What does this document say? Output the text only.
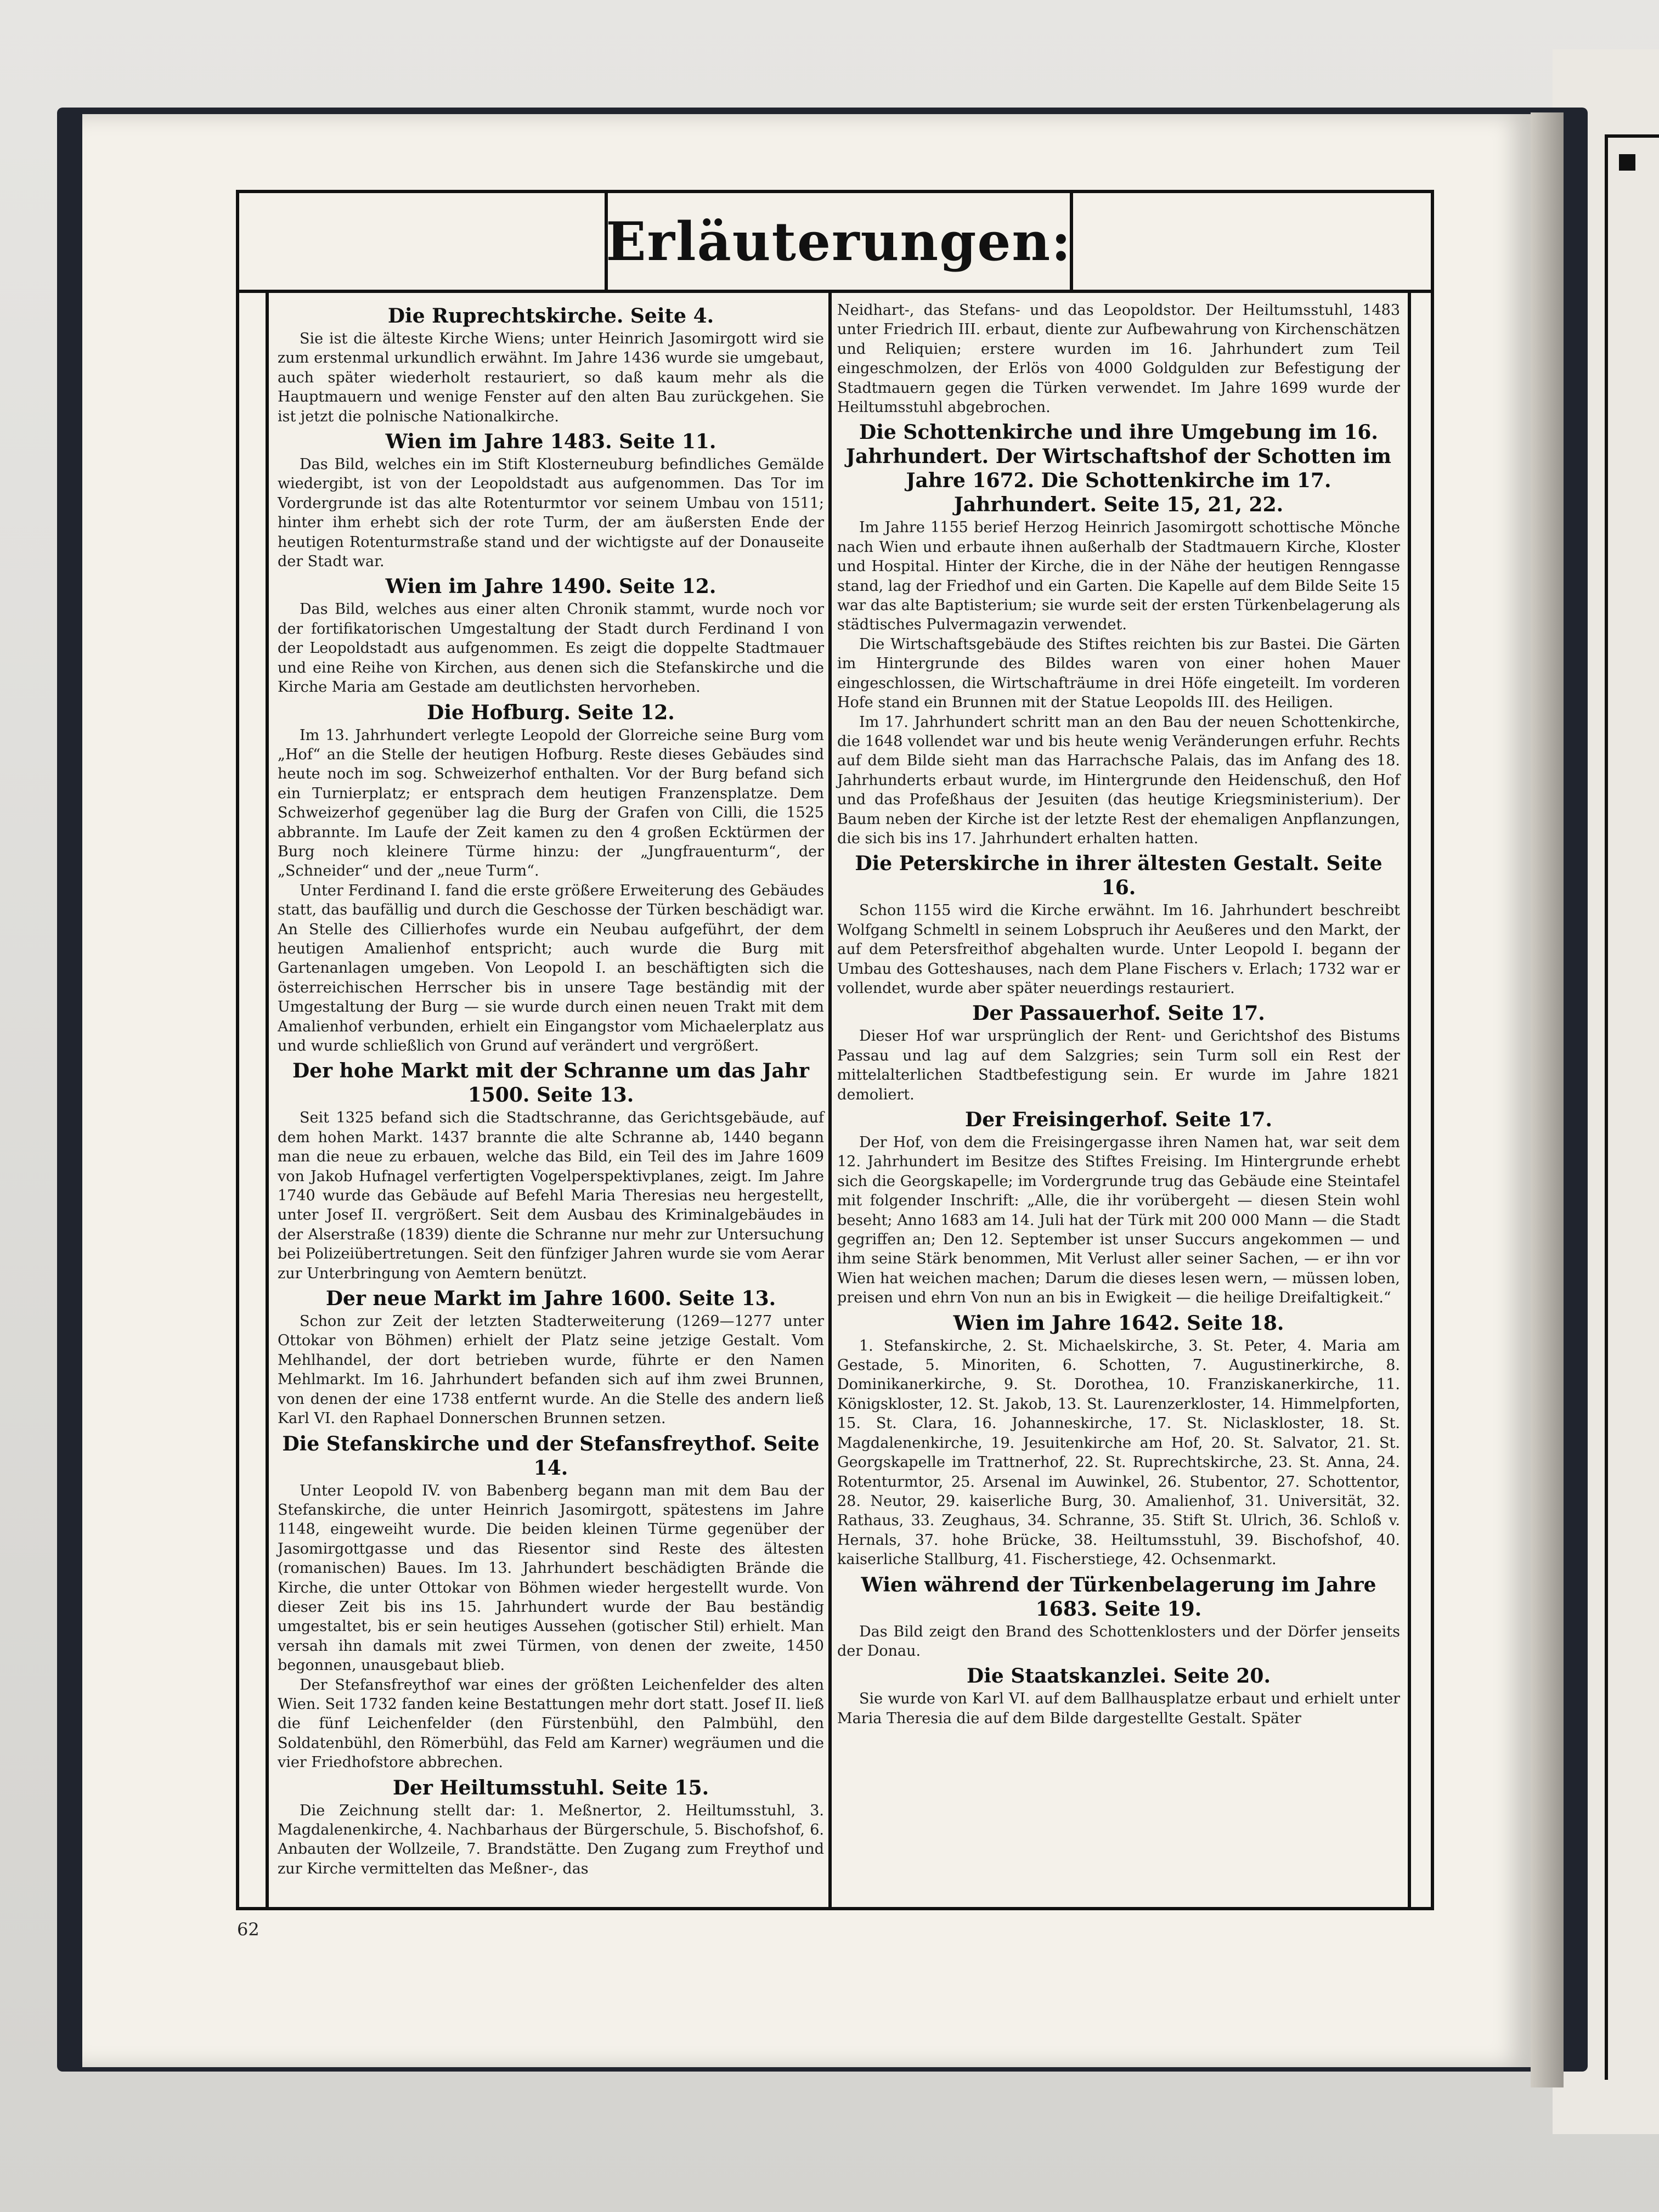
Erläuterungen:
Die Ruprechtskirche. Seite 4.

Sie ist die älteste Kirche Wiens; unter Heinrich Jasomirgott wird sie zum erstenmal urkundlich erwähnt. Im Jahre 1436 wurde sie umgebaut, auch später wiederholt restauriert, so daß kaum mehr als die Hauptmauern und wenige Fenster auf den alten Bau zurückgehen. Sie ist jetzt die polnische Nationalkirche.

Wien im Jahre 1483. Seite 11.

Das Bild, welches ein im Stift Klosterneuburg befindliches Gemälde wiedergibt, ist von der Leopoldstadt aus aufgenommen. Das Tor im Vordergrunde ist das alte Rotenturmtor vor seinem Umbau von 1511; hinter ihm erhebt sich der rote Turm, der am äußersten Ende der heutigen Rotenturmstraße stand und der wichtigste auf der Donauseite der Stadt war.

Wien im Jahre 1490. Seite 12.

Das Bild, welches aus einer alten Chronik stammt, wurde noch vor der fortifikatorischen Umgestaltung der Stadt durch Ferdinand I von der Leopoldstadt aus aufgenommen. Es zeigt die doppelte Stadtmauer und eine Reihe von Kirchen, aus denen sich die Stefanskirche und die Kirche Maria am Gestade am deutlichsten hervorheben.

Die Hofburg. Seite 12.

Im 13. Jahrhundert verlegte Leopold der Glorreiche seine Burg vom „Hof“ an die Stelle der heutigen Hofburg. Reste dieses Gebäudes sind heute noch im sog. Schweizerhof enthalten. Vor der Burg befand sich ein Turnierplatz; er entsprach dem heutigen Franzensplatze. Dem Schweizerhof gegenüber lag die Burg der Grafen von Cilli, die 1525 abbrannte. Im Laufe der Zeit kamen zu den 4 großen Ecktürmen der Burg noch kleinere Türme hinzu: der „Jungfrauenturm“, der „Schneider“ und der „neue Turm“.

Unter Ferdinand I. fand die erste größere Erweiterung des Gebäudes statt, das baufällig und durch die Geschosse der Türken beschädigt war. An Stelle des Cillierhofes wurde ein Neubau aufgeführt, der dem heutigen Amalienhof entspricht; auch wurde die Burg mit Gartenanlagen umgeben. Von Leopold I. an beschäftigten sich die österreichischen Herrscher bis in unsere Tage beständig mit der Umgestaltung der Burg — sie wurde durch einen neuen Trakt mit dem Amalienhof verbunden, erhielt ein Eingangstor vom Michaelerplatz aus und wurde schließlich von Grund auf verändert und vergrößert.

Der hohe Markt mit der Schranne um das Jahr 1500. Seite 13.

Seit 1325 befand sich die Stadtschranne, das Gerichtsgebäude, auf dem hohen Markt. 1437 brannte die alte Schranne ab, 1440 begann man die neue zu erbauen, welche das Bild, ein Teil des im Jahre 1609 von Jakob Hufnagel verfertigten Vogelperspektivplanes, zeigt. Im Jahre 1740 wurde das Gebäude auf Befehl Maria Theresias neu hergestellt, unter Josef II. vergrößert. Seit dem Ausbau des Kriminalgebäudes in der Alserstraße (1839) diente die Schranne nur mehr zur Untersuchung bei Polizeiübertretungen. Seit den fünfziger Jahren wurde sie vom Aerar zur Unterbringung von Aemtern benützt.

Der neue Markt im Jahre 1600. Seite 13.

Schon zur Zeit der letzten Stadterweiterung (1269—1277 unter Ottokar von Böhmen) erhielt der Platz seine jetzige Gestalt. Vom Mehlhandel, der dort betrieben wurde, führte er den Namen Mehlmarkt. Im 16. Jahrhundert befanden sich auf ihm zwei Brunnen, von denen der eine 1738 entfernt wurde. An die Stelle des andern ließ Karl VI. den Raphael Donnerschen Brunnen setzen.

Die Stefanskirche und der Stefansfreythof. Seite 14.

Unter Leopold IV. von Babenberg begann man mit dem Bau der Stefanskirche, die unter Heinrich Jasomirgott, spätestens im Jahre 1148, eingeweiht wurde. Die beiden kleinen Türme gegenüber der Jasomirgottgasse und das Riesentor sind Reste des ältesten (romanischen) Baues. Im 13. Jahrhundert beschädigten Brände die Kirche, die unter Ottokar von Böhmen wieder hergestellt wurde. Von dieser Zeit bis ins 15. Jahrhundert wurde der Bau beständig umgestaltet, bis er sein heutiges Aussehen (gotischer Stil) erhielt. Man versah ihn damals mit zwei Türmen, von denen der zweite, 1450 begonnen, unausgebaut blieb.

Der Stefansfreythof war eines der größten Leichenfelder des alten Wien. Seit 1732 fanden keine Bestattungen mehr dort statt. Josef II. ließ die fünf Leichenfelder (den Fürstenbühl, den Palmbühl, den Soldatenbühl, den Römerbühl, das Feld am Karner) wegräumen und die vier Friedhofstore abbrechen.

Der Heiltumsstuhl. Seite 15.

Die Zeichnung stellt dar: 1. Meßnertor, 2. Heiltumsstuhl, 3. Magdalenenkirche, 4. Nachbarhaus der Bürgerschule, 5. Bischofshof, 6. Anbauten der Wollzeile, 7. Brandstätte. Den Zugang zum Freythof und zur Kirche vermittelten das Meßner-, das

Neidhart-, das Stefans- und das Leopoldstor. Der Heiltumsstuhl, 1483 unter Friedrich III. erbaut, diente zur Aufbewahrung von Kirchenschätzen und Reliquien; erstere wurden im 16. Jahrhundert zum Teil eingeschmolzen, der Erlös von 4000 Goldgulden zur Befestigung der Stadtmauern gegen die Türken verwendet. Im Jahre 1699 wurde der Heiltumsstuhl abgebrochen.

Die Schottenkirche und ihre Umgebung im 16. Jahrhundert. Der Wirtschaftshof der Schotten im Jahre 1672. Die Schottenkirche im 17. Jahrhundert. Seite 15, 21, 22.

Im Jahre 1155 berief Herzog Heinrich Jasomirgott schottische Mönche nach Wien und erbaute ihnen außerhalb der Stadtmauern Kirche, Kloster und Hospital. Hinter der Kirche, die in der Nähe der heutigen Renngasse stand, lag der Friedhof und ein Garten. Die Kapelle auf dem Bilde Seite 15 war das alte Baptisterium; sie wurde seit der ersten Türkenbelagerung als städtisches Pulvermagazin verwendet.

Die Wirtschaftsgebäude des Stiftes reichten bis zur Bastei. Die Gärten im Hintergrunde des Bildes waren von einer hohen Mauer eingeschlossen, die Wirtschafträume in drei Höfe eingeteilt. Im vorderen Hofe stand ein Brunnen mit der Statue Leopolds III. des Heiligen.

Im 17. Jahrhundert schritt man an den Bau der neuen Schottenkirche, die 1648 vollendet war und bis heute wenig Veränderungen erfuhr. Rechts auf dem Bilde sieht man das Harrachsche Palais, das im Anfang des 18. Jahrhunderts erbaut wurde, im Hintergrunde den Heidenschuß, den Hof und das Profeßhaus der Jesuiten (das heutige Kriegsministerium). Der Baum neben der Kirche ist der letzte Rest der ehemaligen Anpflanzungen, die sich bis ins 17. Jahrhundert erhalten hatten.

Die Peterskirche in ihrer ältesten Gestalt. Seite 16.

Schon 1155 wird die Kirche erwähnt. Im 16. Jahrhundert beschreibt Wolfgang Schmeltl in seinem Lobspruch ihr Aeußeres und den Markt, der auf dem Petersfreithof abgehalten wurde. Unter Leopold I. begann der Umbau des Gotteshauses, nach dem Plane Fischers v. Erlach; 1732 war er vollendet, wurde aber später neuerdings restauriert.

Der Passauerhof. Seite 17.

Dieser Hof war ursprünglich der Rent- und Gerichtshof des Bistums Passau und lag auf dem Salzgries; sein Turm soll ein Rest der mittelalterlichen Stadtbefestigung sein. Er wurde im Jahre 1821 demoliert.

Der Freisingerhof. Seite 17.

Der Hof, von dem die Freisingergasse ihren Namen hat, war seit dem 12. Jahrhundert im Besitze des Stiftes Freising. Im Hintergrunde erhebt sich die Georgskapelle; im Vordergrunde trug das Gebäude eine Steintafel mit folgender Inschrift: „Alle, die ihr vorübergeht — diesen Stein wohl beseht; Anno 1683 am 14. Juli hat der Türk mit 200 000 Mann — die Stadt gegriffen an; Den 12. September ist unser Succurs angekommen — und ihm seine Stärk benommen, Mit Verlust aller seiner Sachen, — er ihn vor Wien hat weichen machen; Darum die dieses lesen wern, — müssen loben, preisen und ehrn Von nun an bis in Ewigkeit — die heilige Dreifaltigkeit.“

Wien im Jahre 1642. Seite 18.

1. Stefanskirche, 2. St. Michaelskirche, 3. St. Peter, 4. Maria am Gestade, 5. Minoriten, 6. Schotten, 7. Augustinerkirche, 8. Dominikanerkirche, 9. St. Dorothea, 10. Franziskanerkirche, 11. Königskloster, 12. St. Jakob, 13. St. Laurenzerkloster, 14. Himmelpforten, 15. St. Clara, 16. Johanneskirche, 17. St. Niclaskloster, 18. St. Magdalenenkirche, 19. Jesuitenkirche am Hof, 20. St. Salvator, 21. St. Georgskapelle im Trattnerhof, 22. St. Ruprechtskirche, 23. St. Anna, 24. Rotenturmtor, 25. Arsenal im Auwinkel, 26. Stubentor, 27. Schottentor, 28. Neutor, 29. kaiserliche Burg, 30. Amalienhof, 31. Universität, 32. Rathaus, 33. Zeughaus, 34. Schranne, 35. Stift St. Ulrich, 36. Schloß v. Hernals, 37. hohe Brücke, 38. Heiltumsstuhl, 39. Bischofshof, 40. kaiserliche Stallburg, 41. Fischerstiege, 42. Ochsenmarkt.

Wien während der Türkenbelagerung im Jahre 1683. Seite 19.

Das Bild zeigt den Brand des Schottenklosters und der Dörfer jenseits der Donau.

Die Staatskanzlei. Seite 20.

Sie wurde von Karl VI. auf dem Ballhausplatze erbaut und erhielt unter Maria Theresia die auf dem Bilde dargestellte Gestalt. Später

62
